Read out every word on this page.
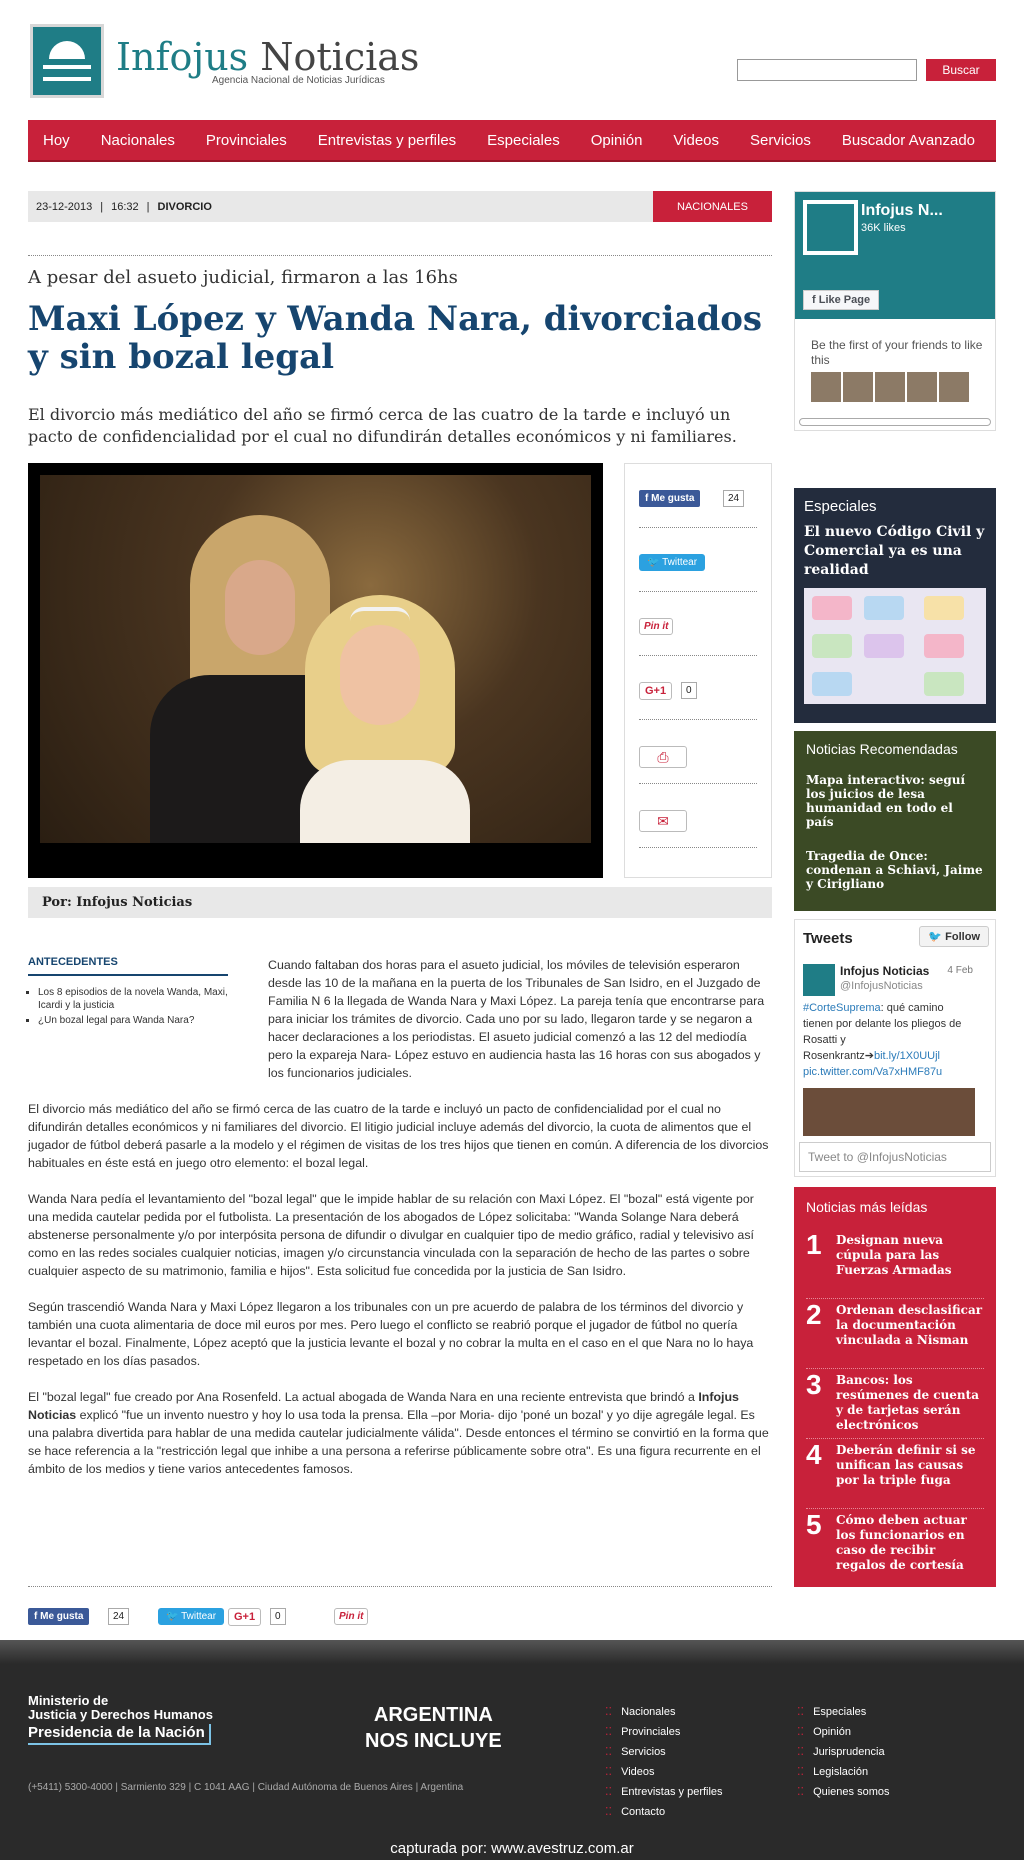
Infojus Noticias
Agencia Nacional de Noticias Jurídicas
Buscar
Hoy Nacionales Provinciales Entrevistas y perfiles Especiales Opinión Videos Servicios Buscador Avanzado
23-12-2013 | 16:32 | DIVORCIO	NACIONALES
A pesar del asueto judicial, firmaron a las 16hs
Maxi López y Wanda Nara, divorciados y sin bozal legal

El divorcio más mediático del año se firmó cerca de las cuatro de la tarde e incluyó un pacto de confidencialidad por el cual no difundirán detalles económicos y ni familiares.

f Me gusta	24
🐦 Twittear
Pin it
G+1	0
⎙
✉
Por: Infojus Noticias
ANTECEDENTES
▪ Los 8 episodios de la novela Wanda, Maxi, Icardi y la justicia
▪ ¿Un bozal legal para Wanda Nara?

Cuando faltaban dos horas para el asueto judicial, los móviles de televisión esperaron desde las 10 de la mañana en la puerta de los Tribunales de San Isidro, en el Juzgado de Familia N 6 la llegada de Wanda Nara y Maxi López. La pareja tenía que encontrarse para para iniciar los trámites de divorcio. Cada uno por su lado, llegaron tarde y se negaron a hacer declaraciones a los periodistas. El asueto judicial comenzó a las 12 del mediodía pero la expareja Nara- López estuvo en audiencia hasta las 16 horas con sus abogados y los funcionarios judiciales.

El divorcio más mediático del año se firmó cerca de las cuatro de la tarde e incluyó un pacto de confidencialidad por el cual no difundirán detalles económicos y ni familiares del divorcio. El litigio judicial incluye además del divorcio, la cuota de alimentos que el jugador de fútbol deberá pasarle a la modelo y el régimen de visitas de los tres hijos que tienen en común. A diferencia de los divorcios habituales en éste está en juego otro elemento: el bozal legal.

Wanda Nara pedía el levantamiento del "bozal legal" que le impide hablar de su relación con Maxi López. El "bozal" está vigente por una medida cautelar pedida por el futbolista. La presentación de los abogados de López solicitaba: "Wanda Solange Nara deberá abstenerse personalmente y/o por interpósita persona de difundir o divulgar en cualquier tipo de medio gráfico, radial y televisivo así como en las redes sociales cualquier noticias, imagen y/o circunstancia vinculada con la separación de hecho de las partes o sobre cualquier aspecto de su matrimonio, familia e hijos". Esta solicitud fue concedida por la justicia de San Isidro.

Según trascendió Wanda Nara y Maxi López llegaron a los tribunales con un pre acuerdo de palabra de los términos del divorcio y también una cuota alimentaria de doce mil euros por mes. Pero luego el conflicto se reabrió porque el jugador de fútbol no quería levantar el bozal. Finalmente, López aceptó que la justicia levante el bozal y no cobrar la multa en el caso en el que Nara no lo haya respetado en los días pasados.

El "bozal legal" fue creado por Ana Rosenfeld. La actual abogada de Wanda Nara en una reciente entrevista que brindó a Infojus Noticias explicó "fue un invento nuestro y hoy lo usa toda la prensa. Ella –por Moria- dijo 'poné un bozal' y yo dije agregále legal. Es una palabra divertida para hablar de una medida cautelar judicialmente válida". Desde entonces el término se convirtió en la forma que se hace referencia a la "restricción legal que inhibe a una persona a referirse públicamente sobre otra". Es una figura recurrente en el ámbito de los medios y tiene varios antecedentes famosos.

f Me gusta	24	🐦 Twittear	G+1	0	Pin it
Infojus N...
36K likes
f Like Page
Be the first of your friends to like this
Especiales
El nuevo Código Civil y Comercial ya es una realidad
Noticias Recomendadas
Mapa interactivo: seguí los juicios de lesa humanidad en todo el país
Tragedia de Once: condenan a Schiavi, Jaime y Cirigliano
Tweets	🐦 Follow
Infojus Noticias 4 Feb
@InfojusNoticias
#CorteSuprema: qué camino tienen por delante los pliegos de Rosatti y Rosenkrantz➔bit.ly/1X0UUjl
pic.twitter.com/Va7xHMF87u
Tweet to @InfojusNoticias
Noticias más leídas
1 Designan nueva cúpula para las Fuerzas Armadas
2 Ordenan desclasificar la documentación vinculada a Nisman
3 Bancos: los resúmenes de cuenta y de tarjetas serán electrónicos
4 Deberán definir si se unifican las causas por la triple fuga
5 Cómo deben actuar los funcionarios en caso de recibir regalos de cortesía
Ministerio de
Justicia y Derechos Humanos
Presidencia de la Nación
(+5411) 5300-4000 | Sarmiento 329 | C 1041 AAG | Ciudad Autónoma de Buenos Aires | Argentina
ARGENTINA
NOS INCLUYE
⁚⁚ Nacionales
⁚⁚ Provinciales
⁚⁚ Servicios
⁚⁚ Videos
⁚⁚ Entrevistas y perfiles
⁚⁚ Contacto
⁚⁚ Especiales
⁚⁚ Opinión
⁚⁚ Jurisprudencia
⁚⁚ Legislación
⁚⁚ Quienes somos
capturada por: www.avestruz.com.ar
